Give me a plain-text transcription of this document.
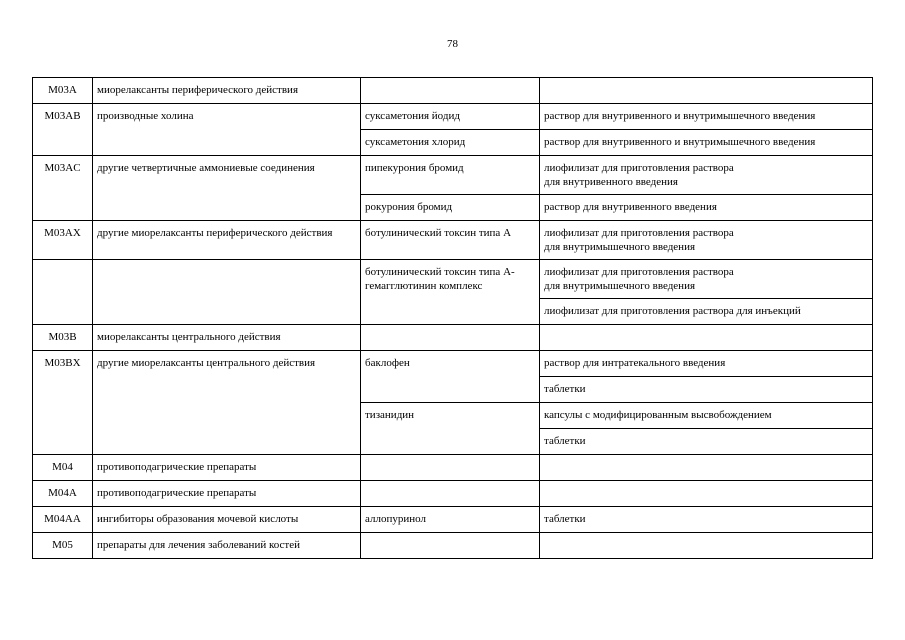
78
M03A	миорелаксанты периферического действия		
M03AB	производные холина	суксаметония йодид	раствор для внутривенного и внутримышечного введения
		суксаметония хлорид	раствор для внутривенного и внутримышечного введения
M03AC	другие четвертичные аммониевые соединения	пипекурония бромид	лиофилизат для приготовления раствора
для внутривенного введения
		рокурония бромид	раствор для внутривенного введения
M03AX	другие миорелаксанты периферического действия	ботулинический токсин типа A	лиофилизат для приготовления раствора
для внутримышечного введения
		ботулинический токсин типа A-гемагглютинин комплекс	лиофилизат для приготовления раствора
для внутримышечного введения
			лиофилизат для приготовления раствора для инъекций
M03B	миорелаксанты центрального действия		
M03BX	другие миорелаксанты центрального действия	баклофен	раствор для интратекального введения
			таблетки
		тизанидин	капсулы с модифицированным высвобождением
			таблетки
M04	противоподагрические препараты		
M04A	противоподагрические препараты		
M04AA	ингибиторы образования мочевой кислоты	аллопуринол	таблетки
M05	препараты для лечения заболеваний костей		
